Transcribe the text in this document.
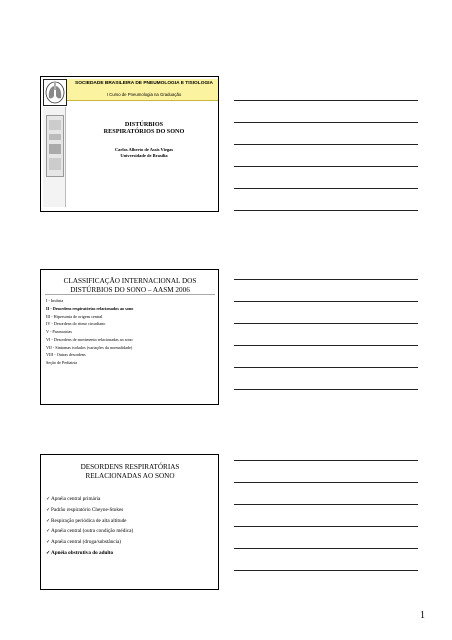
SOCIEDADE BRASILEIRA DE PNEUMOLOGIA E TISIOLOGIA
I Curso de Pneumologia na Graduação
DISTÚRBIOS
RESPIRATÓRIOS DO SONO
Carlos Alberto de Assis Viegas
Universidade de Brasília
CLASSIFICAÇÃO INTERNACIONAL DOS
DISTÚRBIOS DO SONO – AASM 2006
I - Insônia
II - Desordens respiratórias relacionados ao sono
III - Hipersonia de origem central
IV - Desordens do ritmo circadiano
V - Parassonias
VI - Desordens de movimento relacionadas ao sono
VII - Sintomas isolados (variações da normalidade)
VIII - Outras desordens
Seção de Pediatria
DESORDENS RESPIRATÓRIAS
RELACIONADAS AO SONO
✓Apnéia central primária
✓Padrão respiratório Cheyne-Stokes
✓Respiração periódica de alta altitude
✓Apnéia central (outra condição médica)
✓Apnéia central (droga/substância)
✓Apnéia obstrutiva do adulto
1
